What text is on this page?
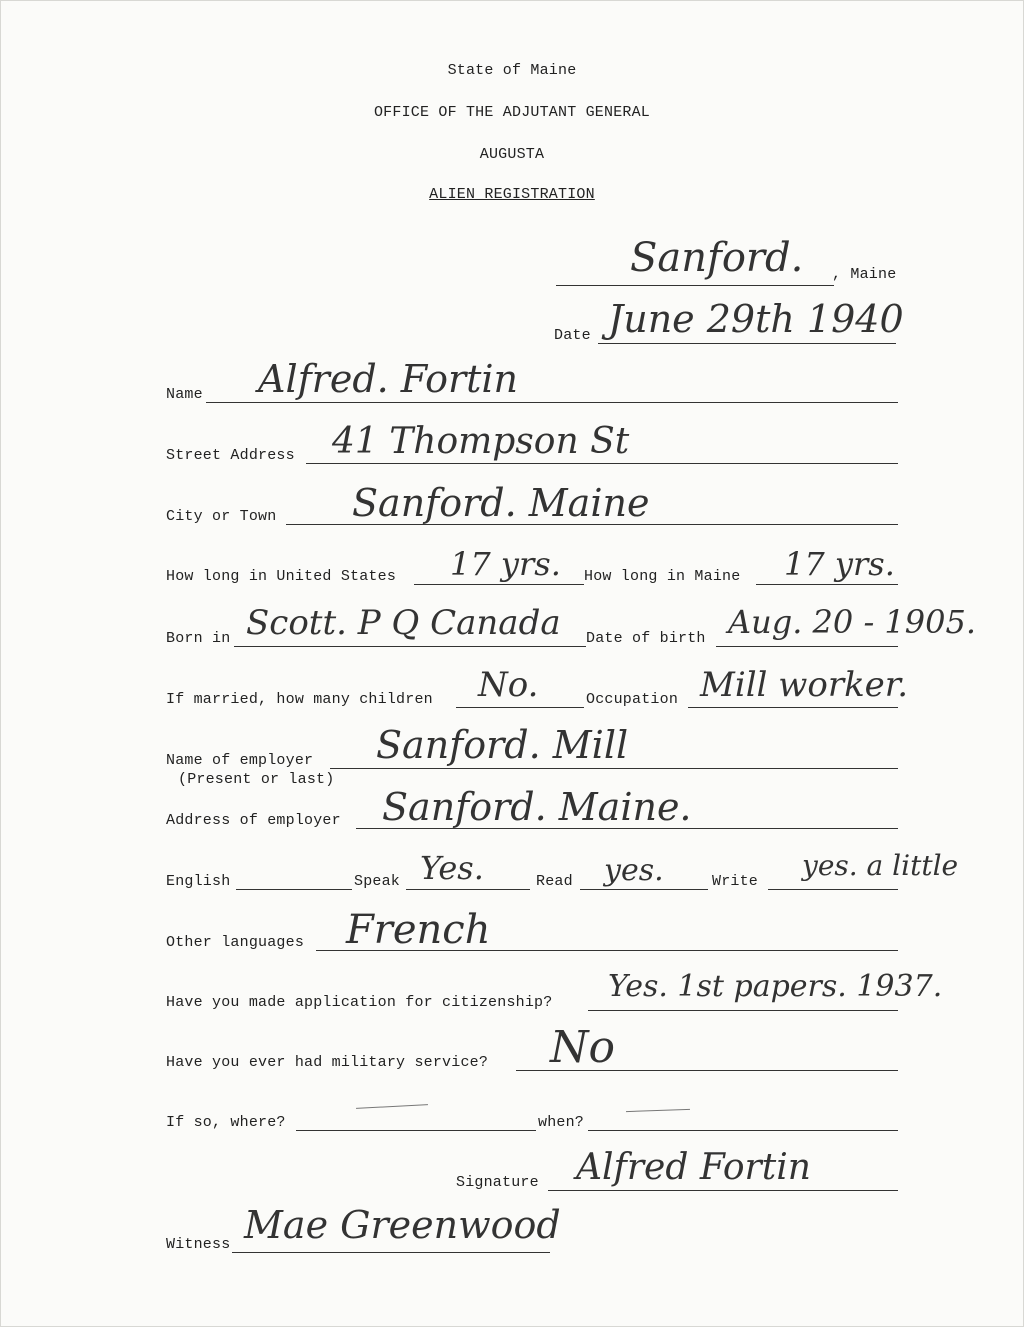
State of Maine
OFFICE OF THE ADJUTANT GENERAL
AUGUSTA
ALIEN REGISTRATION
Sanford. , Maine
Date June 29th 1940
Name Alfred. Fortin
Street Address 41 Thompson St
City or Town Sanford. Maine
How long in United States 17 yrs. How long in Maine 17 yrs.
Born in Scott. P Q Canada Date of birth Aug. 20 - 1905.
If married, how many children No.	Occupation Mill worker.
Name of employer
(Present or last)
Sanford. Mill
Address of employer Sanford. Maine.
English	Speak Yes.	Read yes.	Write yes. a little
Other languages French
Have you made application for citizenship? Yes. 1st papers. 1937.
Have you ever had military service? No
If so, where?	when?
Signature Alfred Fortin
Witness Mae Greenwood
